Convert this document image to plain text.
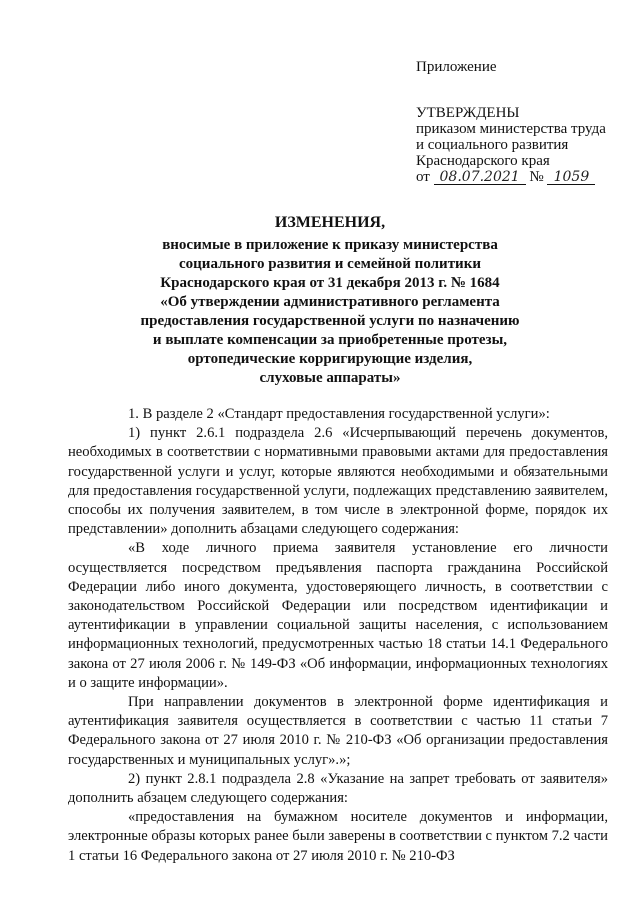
Приложение
УТВЕРЖДЕНЫ
приказом министерства труда
и социального развития
Краснодарского края
от 08.07.2021 № 1059
ИЗМЕНЕНИЯ,
вносимые в приложение к приказу министерства
социального развития и семейной политики
Краснодарского края от 31 декабря 2013 г. № 1684
«Об утверждении административного регламента
предоставления государственной услуги по назначению
и выплате компенсации за приобретенные протезы,
ортопедические корригирующие изделия,
слуховые аппараты»

1. В разделе 2 «Стандарт предоставления государственной услуги»:

1) пункт 2.6.1 подраздела 2.6 «Исчерпывающий перечень документов, необходимых в соответствии с нормативными правовыми актами для предоставления государственной услуги и услуг, которые являются необходимыми и обязательными для предоставления государственной услуги, подлежащих представлению заявителем, способы их получения заявителем, в том числе в электронной форме, порядок их представлении» дополнить абзацами следующего содержания:

«В ходе личного приема заявителя установление его личности осуществляется посредством предъявления паспорта гражданина Российской Федерации либо иного документа, удостоверяющего личность, в соответствии с законодательством Российской Федерации или посредством идентификации и аутентификации в управлении социальной защиты населения, с использованием информационных технологий, предусмотренных частью 18 статьи 14.1 Федерального закона от 27 июля 2006 г. № 149-ФЗ «Об информации, информационных технологиях и о защите информации».

При направлении документов в электронной форме идентификация и аутентификация заявителя осуществляется в соответствии с частью 11 статьи 7 Федерального закона от 27 июля 2010 г. № 210-ФЗ «Об организации предоставления государственных и муниципальных услуг».»;

2) пункт 2.8.1 подраздела 2.8 «Указание на запрет требовать от заявителя» дополнить абзацем следующего содержания:

«предоставления на бумажном носителе документов и информации, электронные образы которых ранее были заверены в соответствии с пунктом 7.2 части 1 статьи 16 Федерального закона от 27 июля 2010 г. № 210-ФЗ
